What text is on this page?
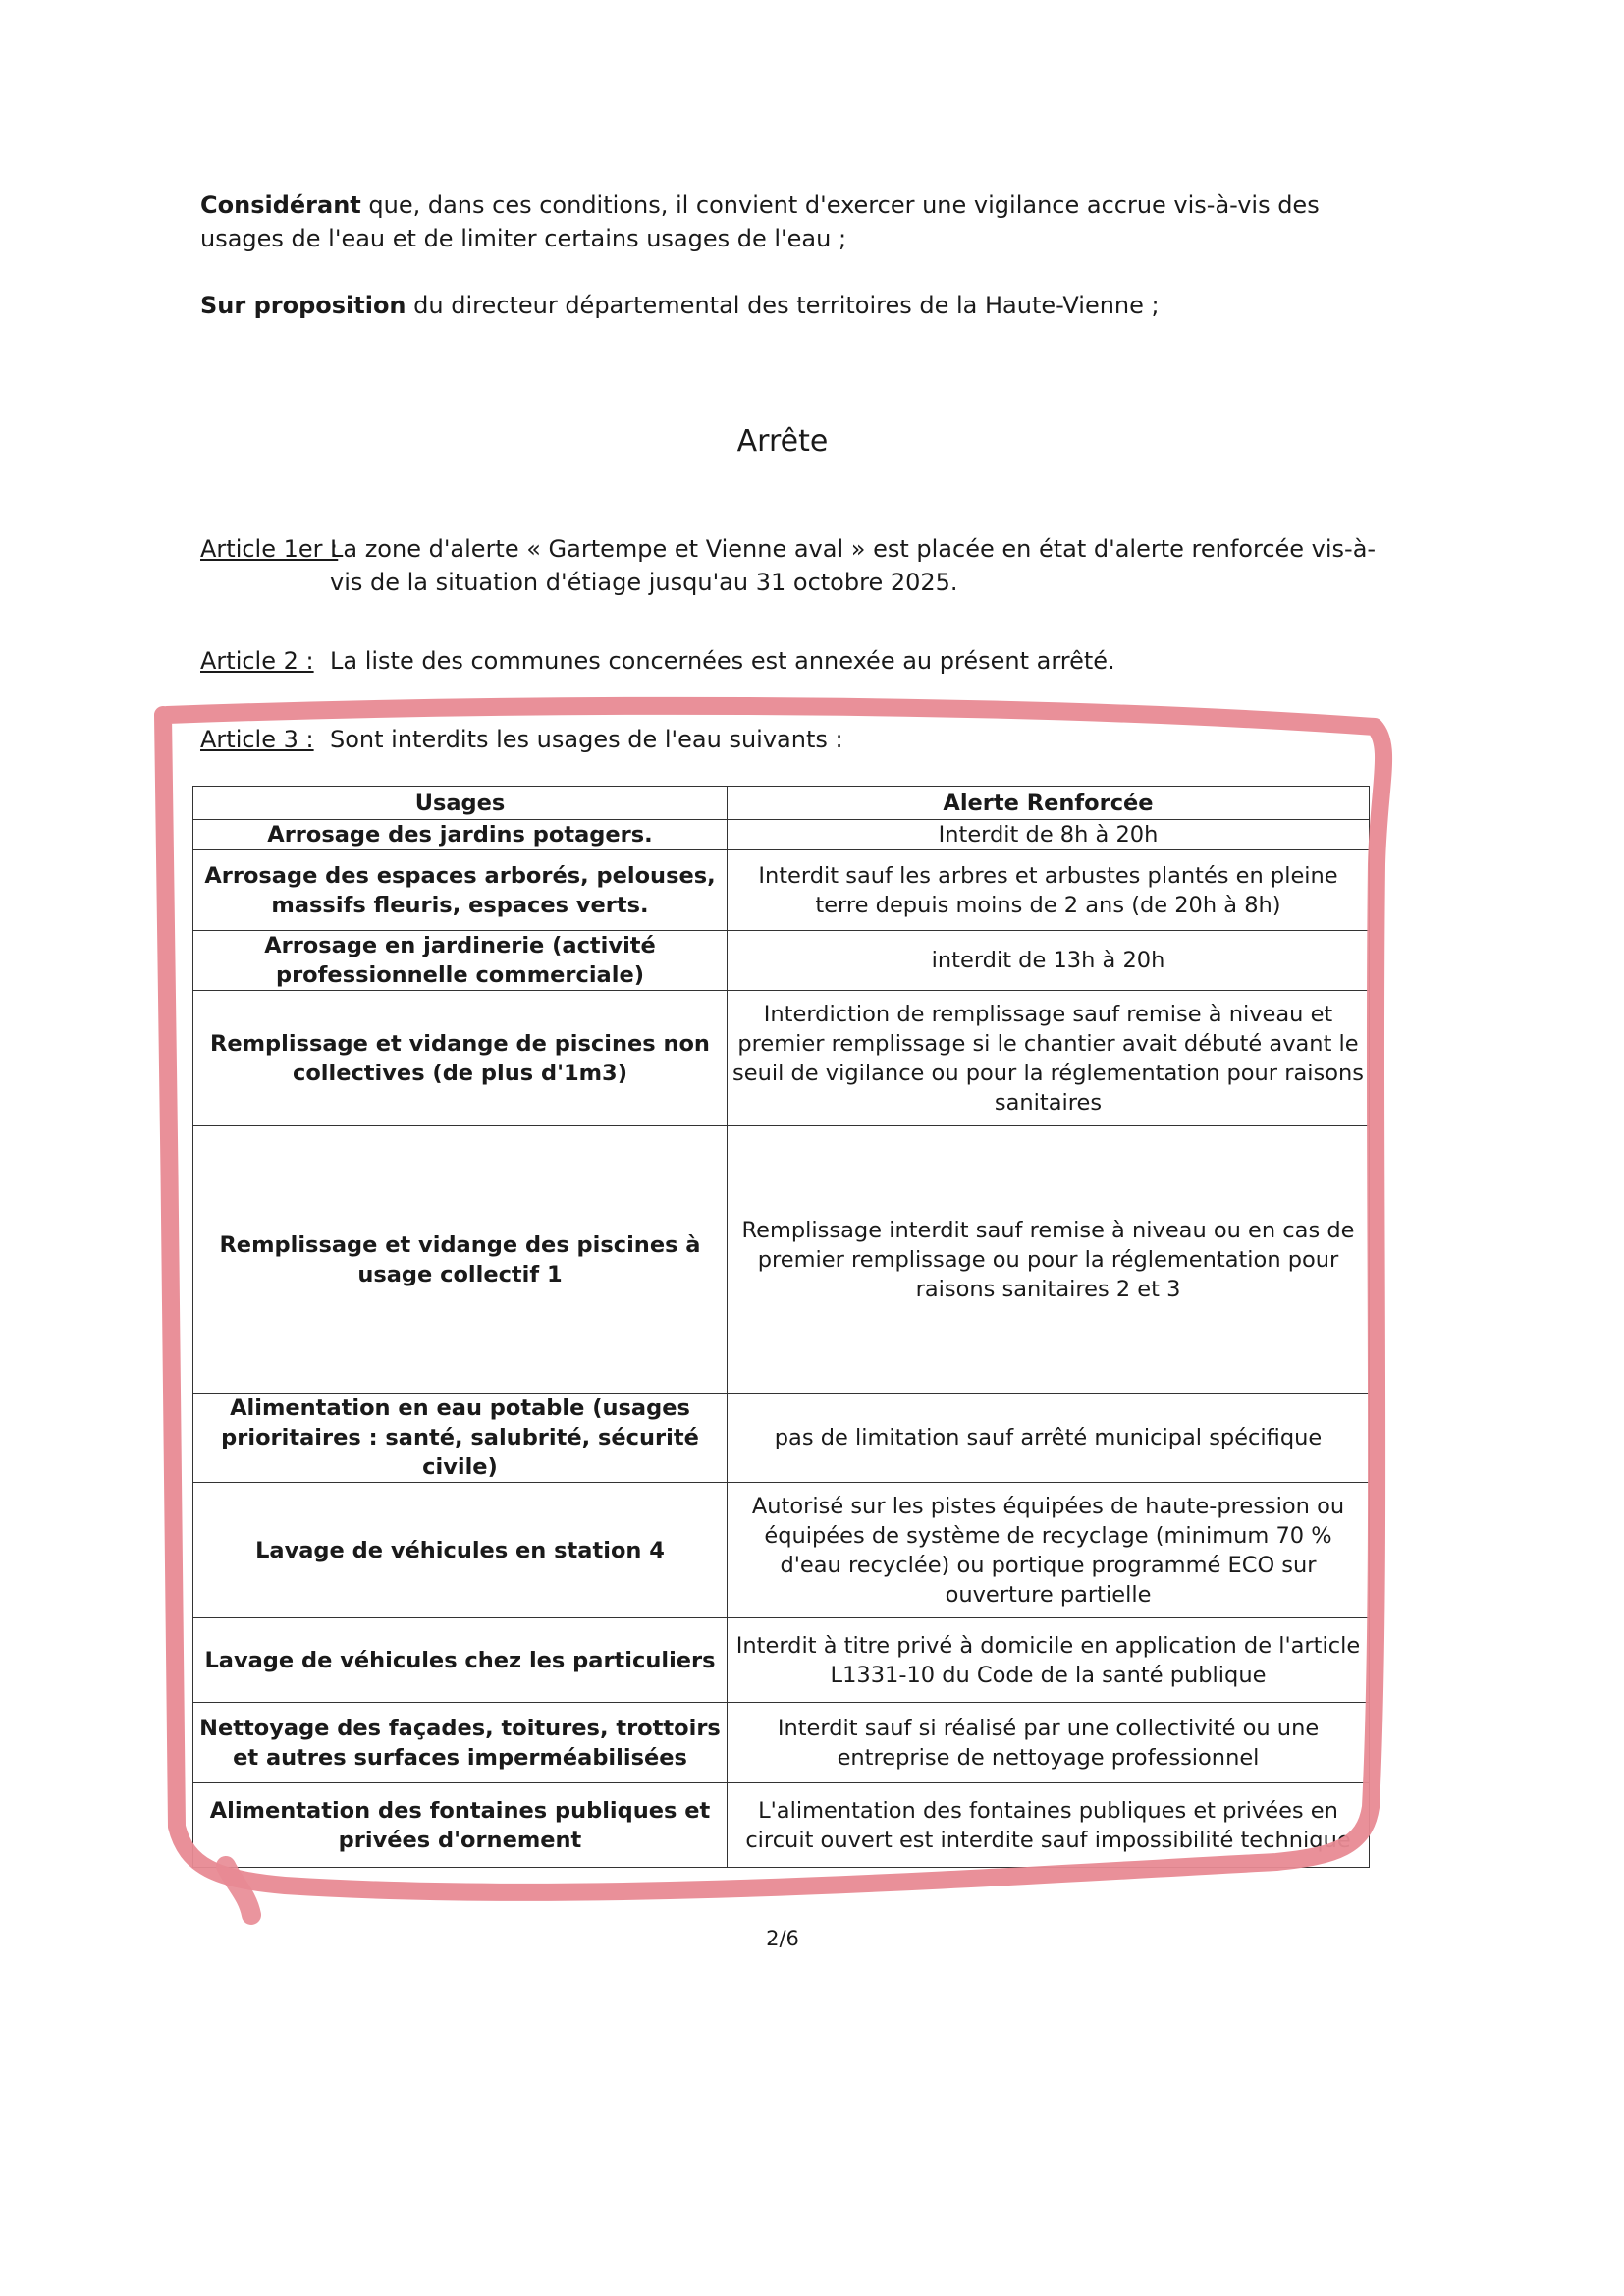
Considérant que, dans ces conditions, il convient d'exercer une vigilance accrue vis-à-vis des usages de l'eau et de limiter certains usages de l'eau ;

Sur proposition du directeur départemental des territoires de la Haute-Vienne ;

Arrête
Article 1er :
La zone d'alerte « Gartempe et Vienne aval » est placée en état d'alerte renforcée vis-à-vis de la situation d'étiage jusqu'au 31 octobre 2025.
Article 2 : La liste des communes concernées est annexée au présent arrêté.
Article 3 : Sont interdits les usages de l'eau suivants :
Usages	Alerte Renforcée
Arrosage des jardins potagers.	Interdit de 8h à 20h
Arrosage des espaces arborés, pelouses, massifs fleuris, espaces verts.	Interdit sauf les arbres et arbustes plantés en pleine terre depuis moins de 2 ans (de 20h à 8h)
Arrosage en jardinerie (activité professionnelle commerciale)	interdit de 13h à 20h
Remplissage et vidange de piscines non collectives (de plus d'1m3)	Interdiction de remplissage sauf remise à niveau et premier remplissage si le chantier avait débuté avant le seuil de vigilance ou pour la réglementation pour raisons sanitaires
Remplissage et vidange des piscines à usage collectif 1	Remplissage interdit sauf remise à niveau ou en cas de premier remplissage ou pour la réglementation pour raisons sanitaires 2 et 3
Alimentation en eau potable (usages prioritaires : santé, salubrité, sécurité civile)	pas de limitation sauf arrêté municipal spécifique
Lavage de véhicules en station 4	Autorisé sur les pistes équipées de haute-pression ou équipées de système de recyclage (minimum 70 % d'eau recyclée) ou portique programmé ECO sur ouverture partielle
Lavage de véhicules chez les particuliers	Interdit à titre privé à domicile en application de l'article L1331-10 du Code de la santé publique
Nettoyage des façades, toitures, trottoirs et autres surfaces imperméabilisées	Interdit sauf si réalisé par une collectivité ou une entreprise de nettoyage professionnel
Alimentation des fontaines publiques et privées d'ornement	L'alimentation des fontaines publiques et privées en circuit ouvert est interdite sauf impossibilité technique
2/6
